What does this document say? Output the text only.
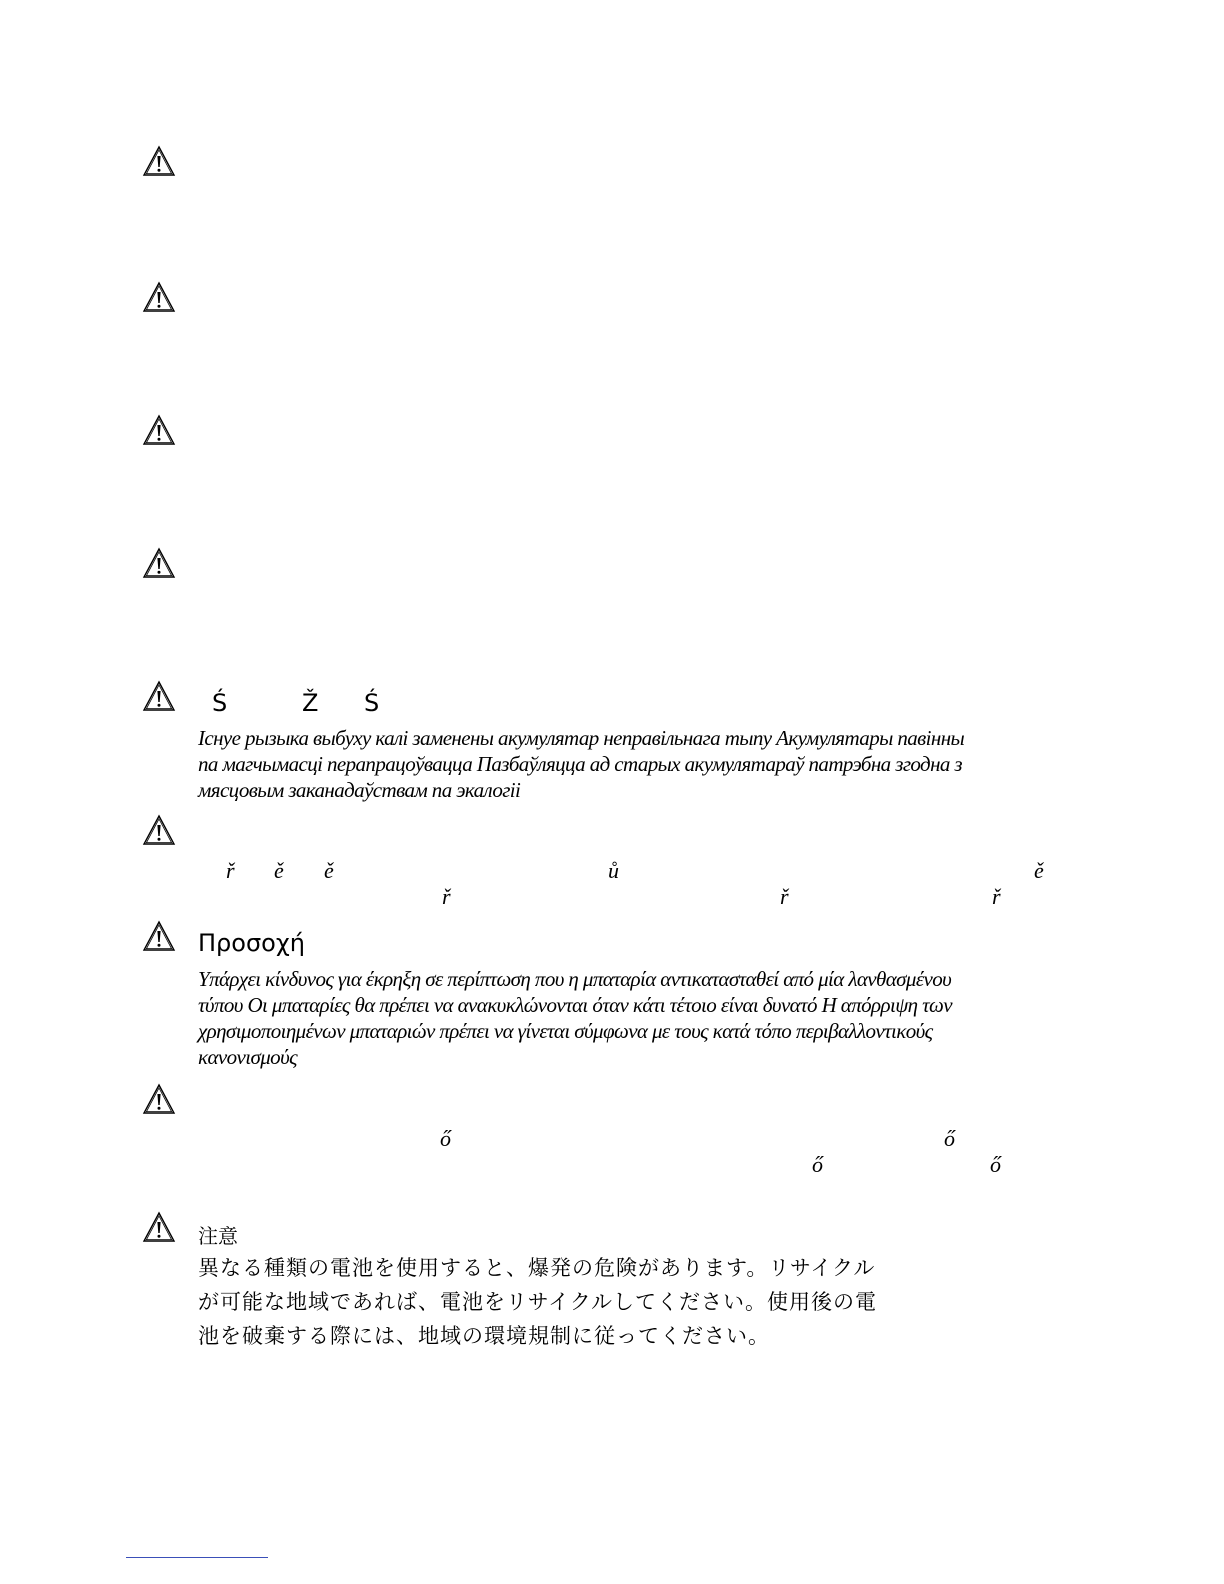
Ś	Ž Ś
Існуе рызыка выбуху калі заменены акумулятар неправільнага тыпу Акумулятары павінны
па магчымасці перапрацоўвацца Пазбаўляцца ад старых акумулятараў патрэбна згодна з
мясцовым заканадаўствам па экалогіі
ř ě ě	ů	ě
ř	ř	ř
Προσοχή
Υπάρχει κίνδυνος για έκρηξη σε περίπτωση που η μπαταρία αντικατασταθεί από μία λανθασμένου
τύπου Οι μπαταρίες θα πρέπει να ανακυκλώνονται όταν κάτι τέτοιο είναι δυνατό Η απόρριψη των
χρησιμοποιημένων μπαταριών πρέπει να γίνεται σύμφωνα με τους κατά τόπο περιβαλλοντικούς
κανονισμούς
ő	ő
ő	ő
注意
異なる種類の電池を使用すると、爆発の危険があります。リサイクル
が可能な地域であれば、電池をリサイクルしてください。使用後の電
池を破棄する際には、地域の環境規制に従ってください。
